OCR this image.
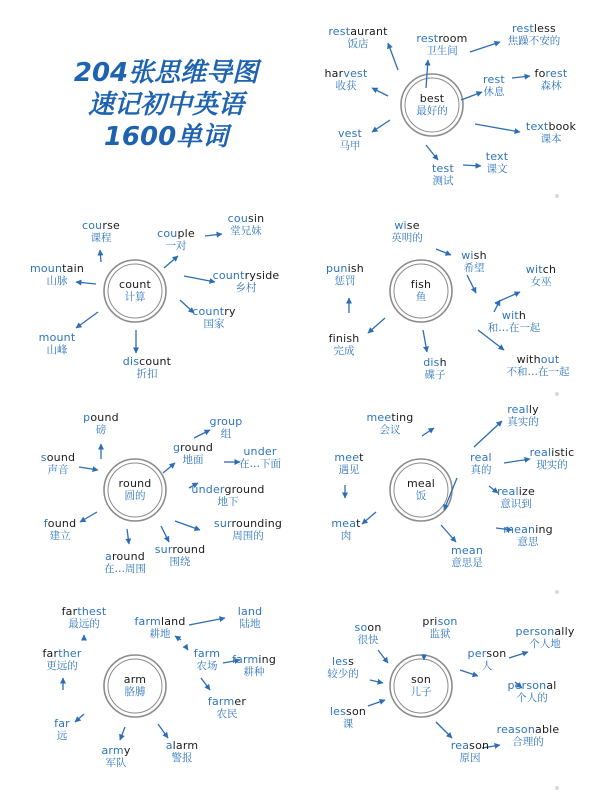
204张思维导图
速记初中英语
1600单词
best
最好的
restaurant
饭店	restroom
卫生间
restless
焦躁不安的
harvest
收获	rest
休息
forest
森林
vest
马甲
textbook
课本
test
测试
text
课文
count
计算
course
课程	couple
一对
cousin
堂兄妹
countryside
乡村
mountain
山脉
country
国家
mount
山峰
discount
折扣
fish
鱼
wise
英明的
wish
希望
punish
惩罚
witch
女巫
with
和…在一起
finish
完成
dish
碟子
without
不和…在一起
round
圆的
pound
磅
group
组
sound
声音
ground
地面
under
在…下面
underground
地下
found
建立
surrounding
周围的
around
在…周围
surround
围绕
meal
饭
meeting
会议
really
真实的
meet
遇见
real
真的
realistic
现实的
realize
意识到
meat
肉	meaning
意思
mean
意思是
arm
胳膊
farthest
最远的	farmland
耕地
land
陆地
farther
更远的
farm
农场 farming
耕种
farmer
农民
far
远
army
军队
alarm
警报
son
儿子
soon
很快
prison
监狱	personally
个人地
less
较少的
person
人
personal
个人的
lesson
课
reason
原因
reasonable
合理的
